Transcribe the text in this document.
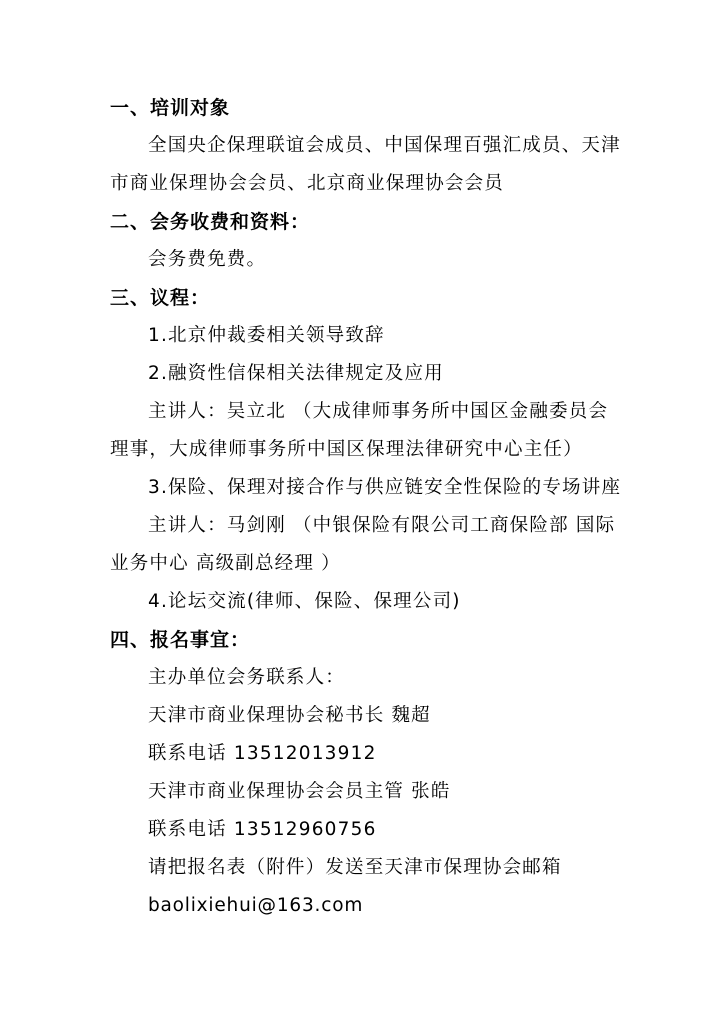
一、培训对象
全国央企保理联谊会成员、中国保理百强汇成员、天津
市商业保理协会会员、北京商业保理协会会员
二、会务收费和资料：
会务费免费。
三、议程：
1.北京仲裁委相关领导致辞
2.融资性信保相关法律规定及应用
主讲人：吴立北 （大成律师事务所中国区金融委员会
理事，大成律师事务所中国区保理法律研究中心主任）
3.保险、保理对接合作与供应链安全性保险的专场讲座
主讲人：马剑刚 （中银保险有限公司工商保险部 国际
业务中心 高级副总经理 ）
4.论坛交流(律师、保险、保理公司)
四、报名事宜：
主办单位会务联系人：
天津市商业保理协会秘书长 魏超
联系电话 13512013912
天津市商业保理协会会员主管 张皓
联系电话 13512960756
请把报名表（附件）发送至天津市保理协会邮箱
baolixiehui@163.com
